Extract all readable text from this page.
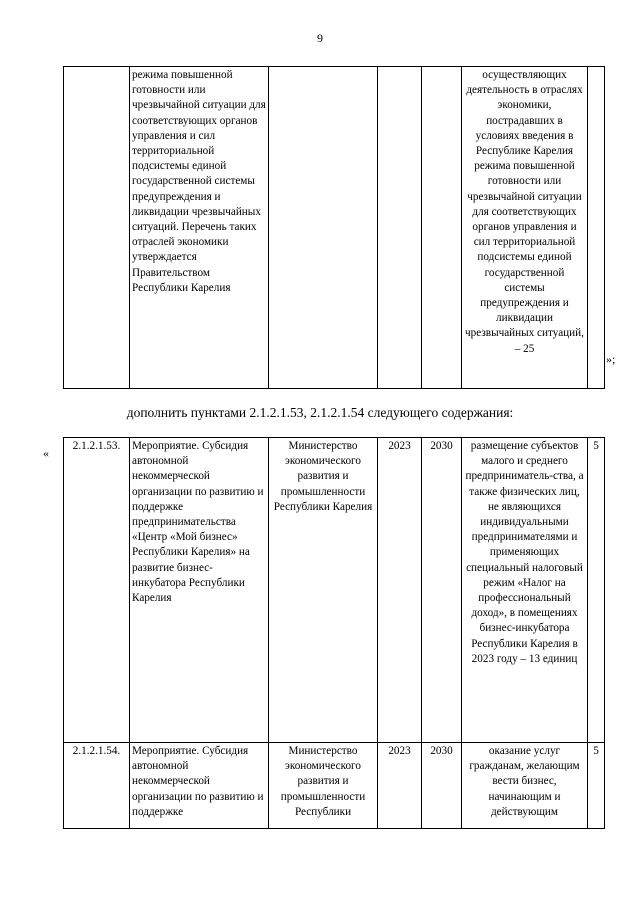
9
	режима повышенной готовности или чрезвычайной ситуации для соответствующих органов управления и сил территориальной подсистемы единой государственной системы предупреждения и ликвидации чрезвычайных ситуаций. Перечень таких отраслей экономики утверждается Правительством Республики Карелия				осуществляющих деятельность в отраслях экономики, пострадавших в условиях введения в Республике Карелия режима повышенной готовности или чрезвычайной ситуации для соответствующих органов управления и сил территориальной подсистемы единой государственной системы предупреждения и ликвидации чрезвычайных ситуаций, – 25	
»;
дополнить пунктами 2.1.2.1.53, 2.1.2.1.54 следующего содержания:
« 2.1.2.1.53.	Мероприятие. Субсидия автономной некоммерческой организации по развитию и поддержке предпринимательства «Центр «Мой бизнес» Республики Карелия» на развитие бизнес-инкубатора Республики Карелия	Министерство экономического развития и промышленности Республики Карелия	2023	2030	размещение субъектов малого и среднего предприниматель-ства, а также физических лиц, не являющихся индивидуальными предпринимателями и применяющих специальный налоговый режим «Налог на профессиональный доход», в помещениях бизнес-инкубатора Республики Карелия в 2023 году – 13 единиц	5
2.1.2.1.54.	Мероприятие. Субсидия автономной некоммерческой организации по развитию и поддержке	Министерство экономического развития и промышленности Республики	2023	2030	оказание услуг гражданам, желающим вести бизнес, начинающим и действующим	5
